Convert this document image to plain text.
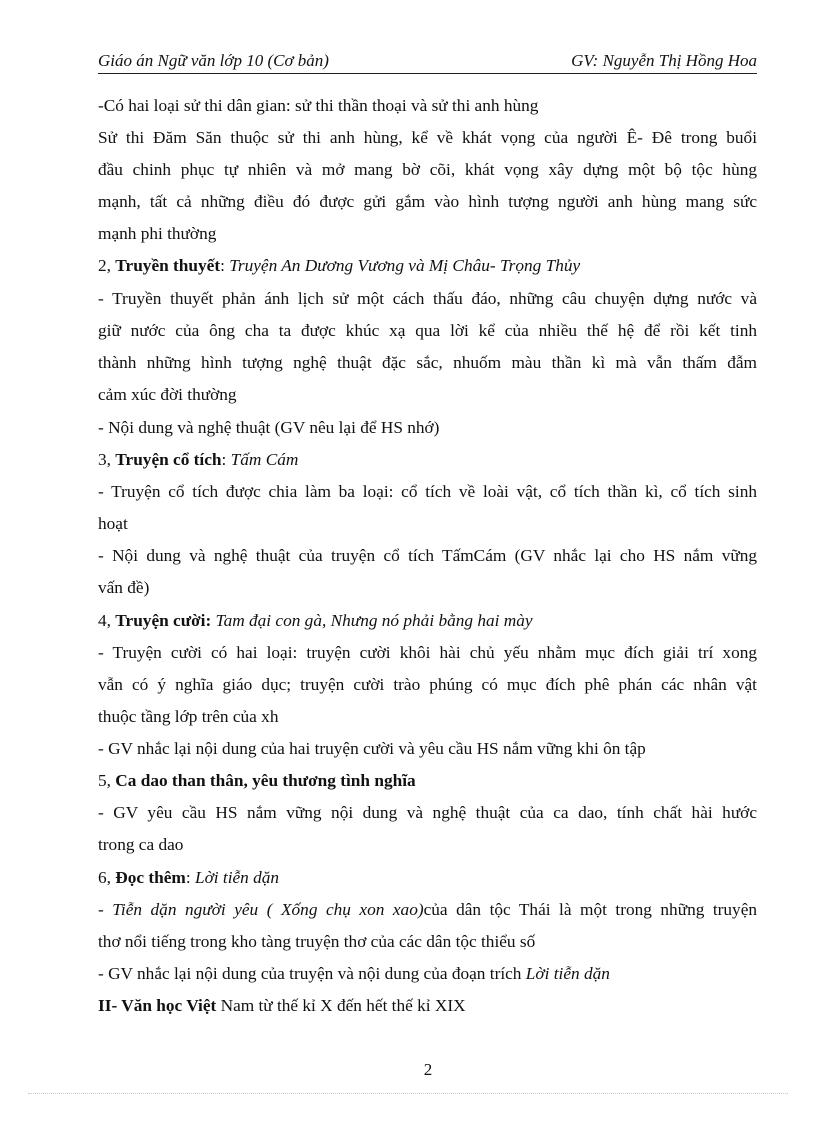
Giáo án Ngữ văn lớp 10 (Cơ bản)	GV: Nguyễn Thị Hồng Hoa
-Có hai loại sử thi dân gian: sử thi thần thoại và sử thi anh hùng
Sử thi Đăm Săn thuộc sử thi anh hùng, kể về khát vọng của người Ê- Đê trong buổi
đầu chinh phục tự nhiên và mở mang bờ cõi, khát vọng xây dựng một bộ tộc hùng
mạnh, tất cả những điều đó được gửi gắm vào hình tượng người anh hùng mang sức
mạnh phi thường
2, Truyền thuyết: Truyện An Dương Vương và Mị Châu- Trọng Thủy
- Truyền thuyết phản ánh lịch sử một cách thấu đáo, những câu chuyện dựng nước và
giữ nước của ông cha ta được khúc xạ qua lời kể của nhiều thế hệ để rồi kết tinh
thành những hình tượng nghệ thuật đặc sắc, nhuốm màu thần kì mà vẫn thấm đẫm
cảm xúc đời thường
- Nội dung và nghệ thuật (GV nêu lại để HS nhớ)
3, Truyện cổ tích: Tấm Cám
- Truyện cổ tích được chia làm ba loại: cổ tích về loài vật, cổ tích thần kì, cổ tích sinh
hoạt
- Nội dung và nghệ thuật của truyện cổ tích TấmCám (GV nhắc lại cho HS nắm vững
vấn đề)
4, Truyện cười: Tam đại con gà, Nhưng nó phải bằng hai mày
- Truyện cười có hai loại: truyện cười khôi hài chủ yếu nhằm mục đích giải trí xong
vẫn có ý nghĩa giáo dục; truyện cười trào phúng có mục đích phê phán các nhân vật
thuộc tầng lớp trên của xh
- GV nhắc lại nội dung của hai truyện cười và yêu cầu HS nắm vững khi ôn tập
5, Ca dao than thân, yêu thương tình nghĩa
- GV yêu cầu HS nắm vững nội dung và nghệ thuật của ca dao, tính chất hài hước
trong ca dao
6, Đọc thêm: Lời tiễn dặn
- Tiễn dặn người yêu ( Xống chụ xon xao)của dân tộc Thái là một trong những truyện
thơ nổi tiếng trong kho tàng truyện thơ của các dân tộc thiểu số
- GV nhắc lại nội dung của truyện và nội dung của đoạn trích Lời tiễn dặn
II- Văn học Việt Nam từ thế kỉ X đến hết thế kỉ XIX
2
